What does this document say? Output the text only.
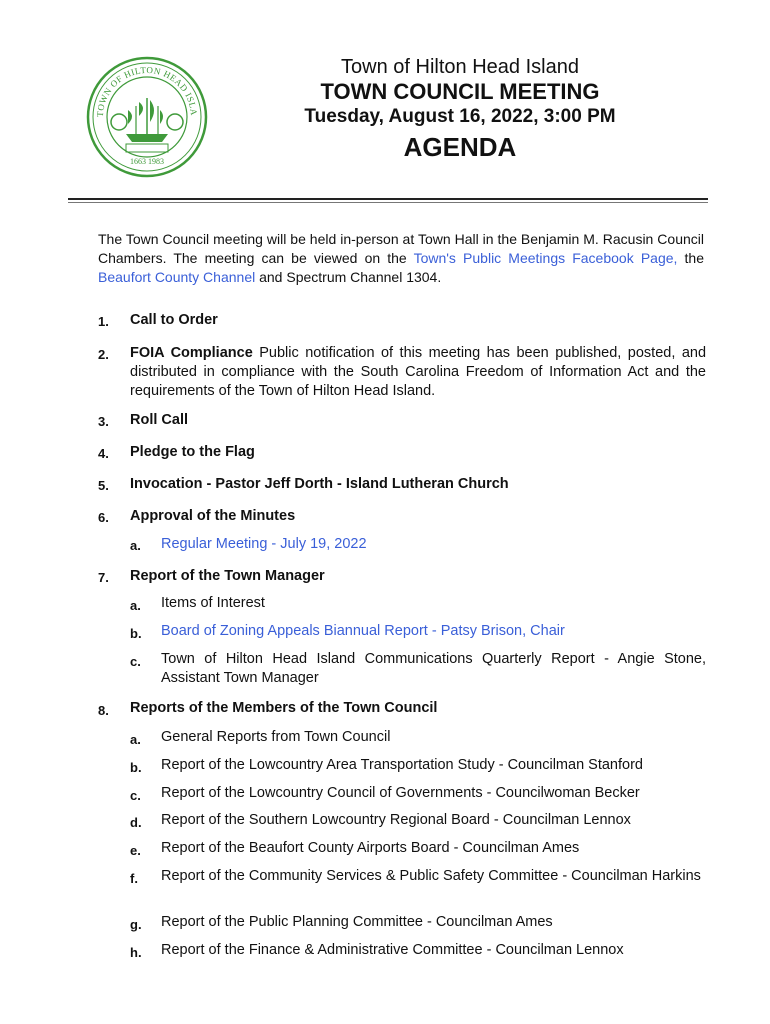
TOWN OF HILTON HEAD ISLA
1663 1983
Town of Hilton Head Island
TOWN COUNCIL MEETING
Tuesday, August 16, 2022, 3:00 PM
AGENDA
The Town Council meeting will be held in-person at Town Hall in the Benjamin M. Racusin Council Chambers. The meeting can be viewed on the Town's Public Meetings Facebook Page, the Beaufort County Channel and Spectrum Channel 1304.
1. Call to Order
2. FOIA Compliance Public notification of this meeting has been published, posted, and distributed in compliance with the South Carolina Freedom of Information Act and the requirements of the Town of Hilton Head Island.
3. Roll Call
4. Pledge to the Flag
5. Invocation - Pastor Jeff Dorth - Island Lutheran Church
6. Approval of the Minutes
a. Regular Meeting - July 19, 2022
7. Report of the Town Manager
a. Items of Interest
b. Board of Zoning Appeals Biannual Report - Patsy Brison, Chair
c. Town of Hilton Head Island Communications Quarterly Report - Angie Stone, Assistant Town Manager
8. Reports of the Members of the Town Council
a. General Reports from Town Council
b. Report of the Lowcountry Area Transportation Study - Councilman Stanford
c. Report of the Lowcountry Council of Governments - Councilwoman Becker
d. Report of the Southern Lowcountry Regional Board - Councilman Lennox
e. Report of the Beaufort County Airports Board - Councilman Ames
f. Report of the Community Services & Public Safety Committee - Councilman Harkins
g. Report of the Public Planning Committee - Councilman Ames
h. Report of the Finance & Administrative Committee - Councilman Lennox
